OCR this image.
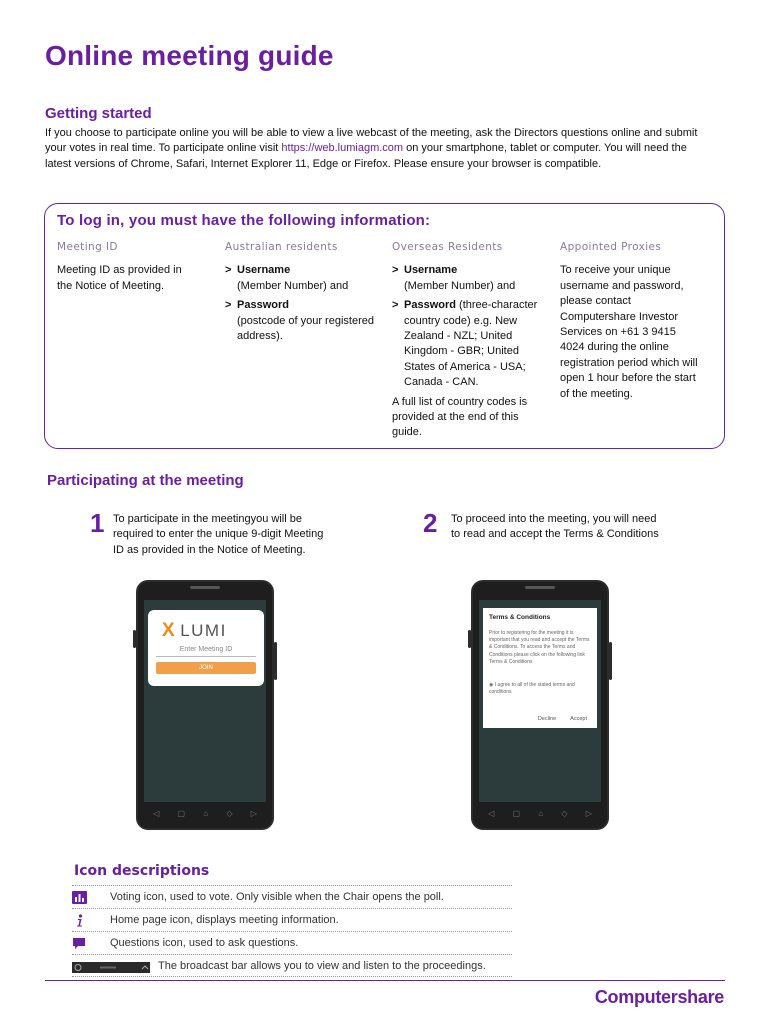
Online meeting guide
Getting started

If you choose to participate online you will be able to view a live webcast of the meeting, ask the Directors questions online and submit your votes in real time. To participate online visit https://web.lumiagm.com on your smartphone, tablet or computer. You will need the latest versions of Chrome, Safari, Internet Explorer 11, Edge or Firefox. Please ensure your browser is compatible.

To log in, you must have the following information:
Meeting ID
Meeting ID as provided in the Notice of Meeting.
Australian residents
> Username
(Member Number) and
> Password
(postcode of your registered address).
Overseas Residents
> Username
(Member Number) and
> Password (three-character country code) e.g. New Zealand - NZL; United Kingdom - GBR; United States of America - USA; Canada - CAN.
A full list of country codes is provided at the end of this guide.
Appointed Proxies
To receive your unique username and password, please contact Computershare Investor Services on +61 3 9415 4024 during the online registration period which will open 1 hour before the start of the meeting.
Participating at the meeting
1 To participate in the meetingyou will be required to enter the unique 9-digit Meeting ID as provided in the Notice of Meeting.
2 To proceed into the meeting, you will need to read and accept the Terms & Conditions
X LUMI
Enter Meeting ID
JOIN
◁ ▢ ⌂ ◇ ▷
Terms & Conditions
Prior to registering for the meeting it is important that you read and accept the Terms & Conditions. To access the Terms and Conditions please click on the following link Terms & Conditions
◉ I agree to all of the stated terms and conditions
Decline	Accept
◁ ▢ ⌂ ◇ ▷
Icon descriptions
Voting icon, used to vote. Only visible when the Chair opens the poll.
Home page icon, displays meeting information.
Questions icon, used to ask questions.
The broadcast bar allows you to view and listen to the proceedings.
Computershare
